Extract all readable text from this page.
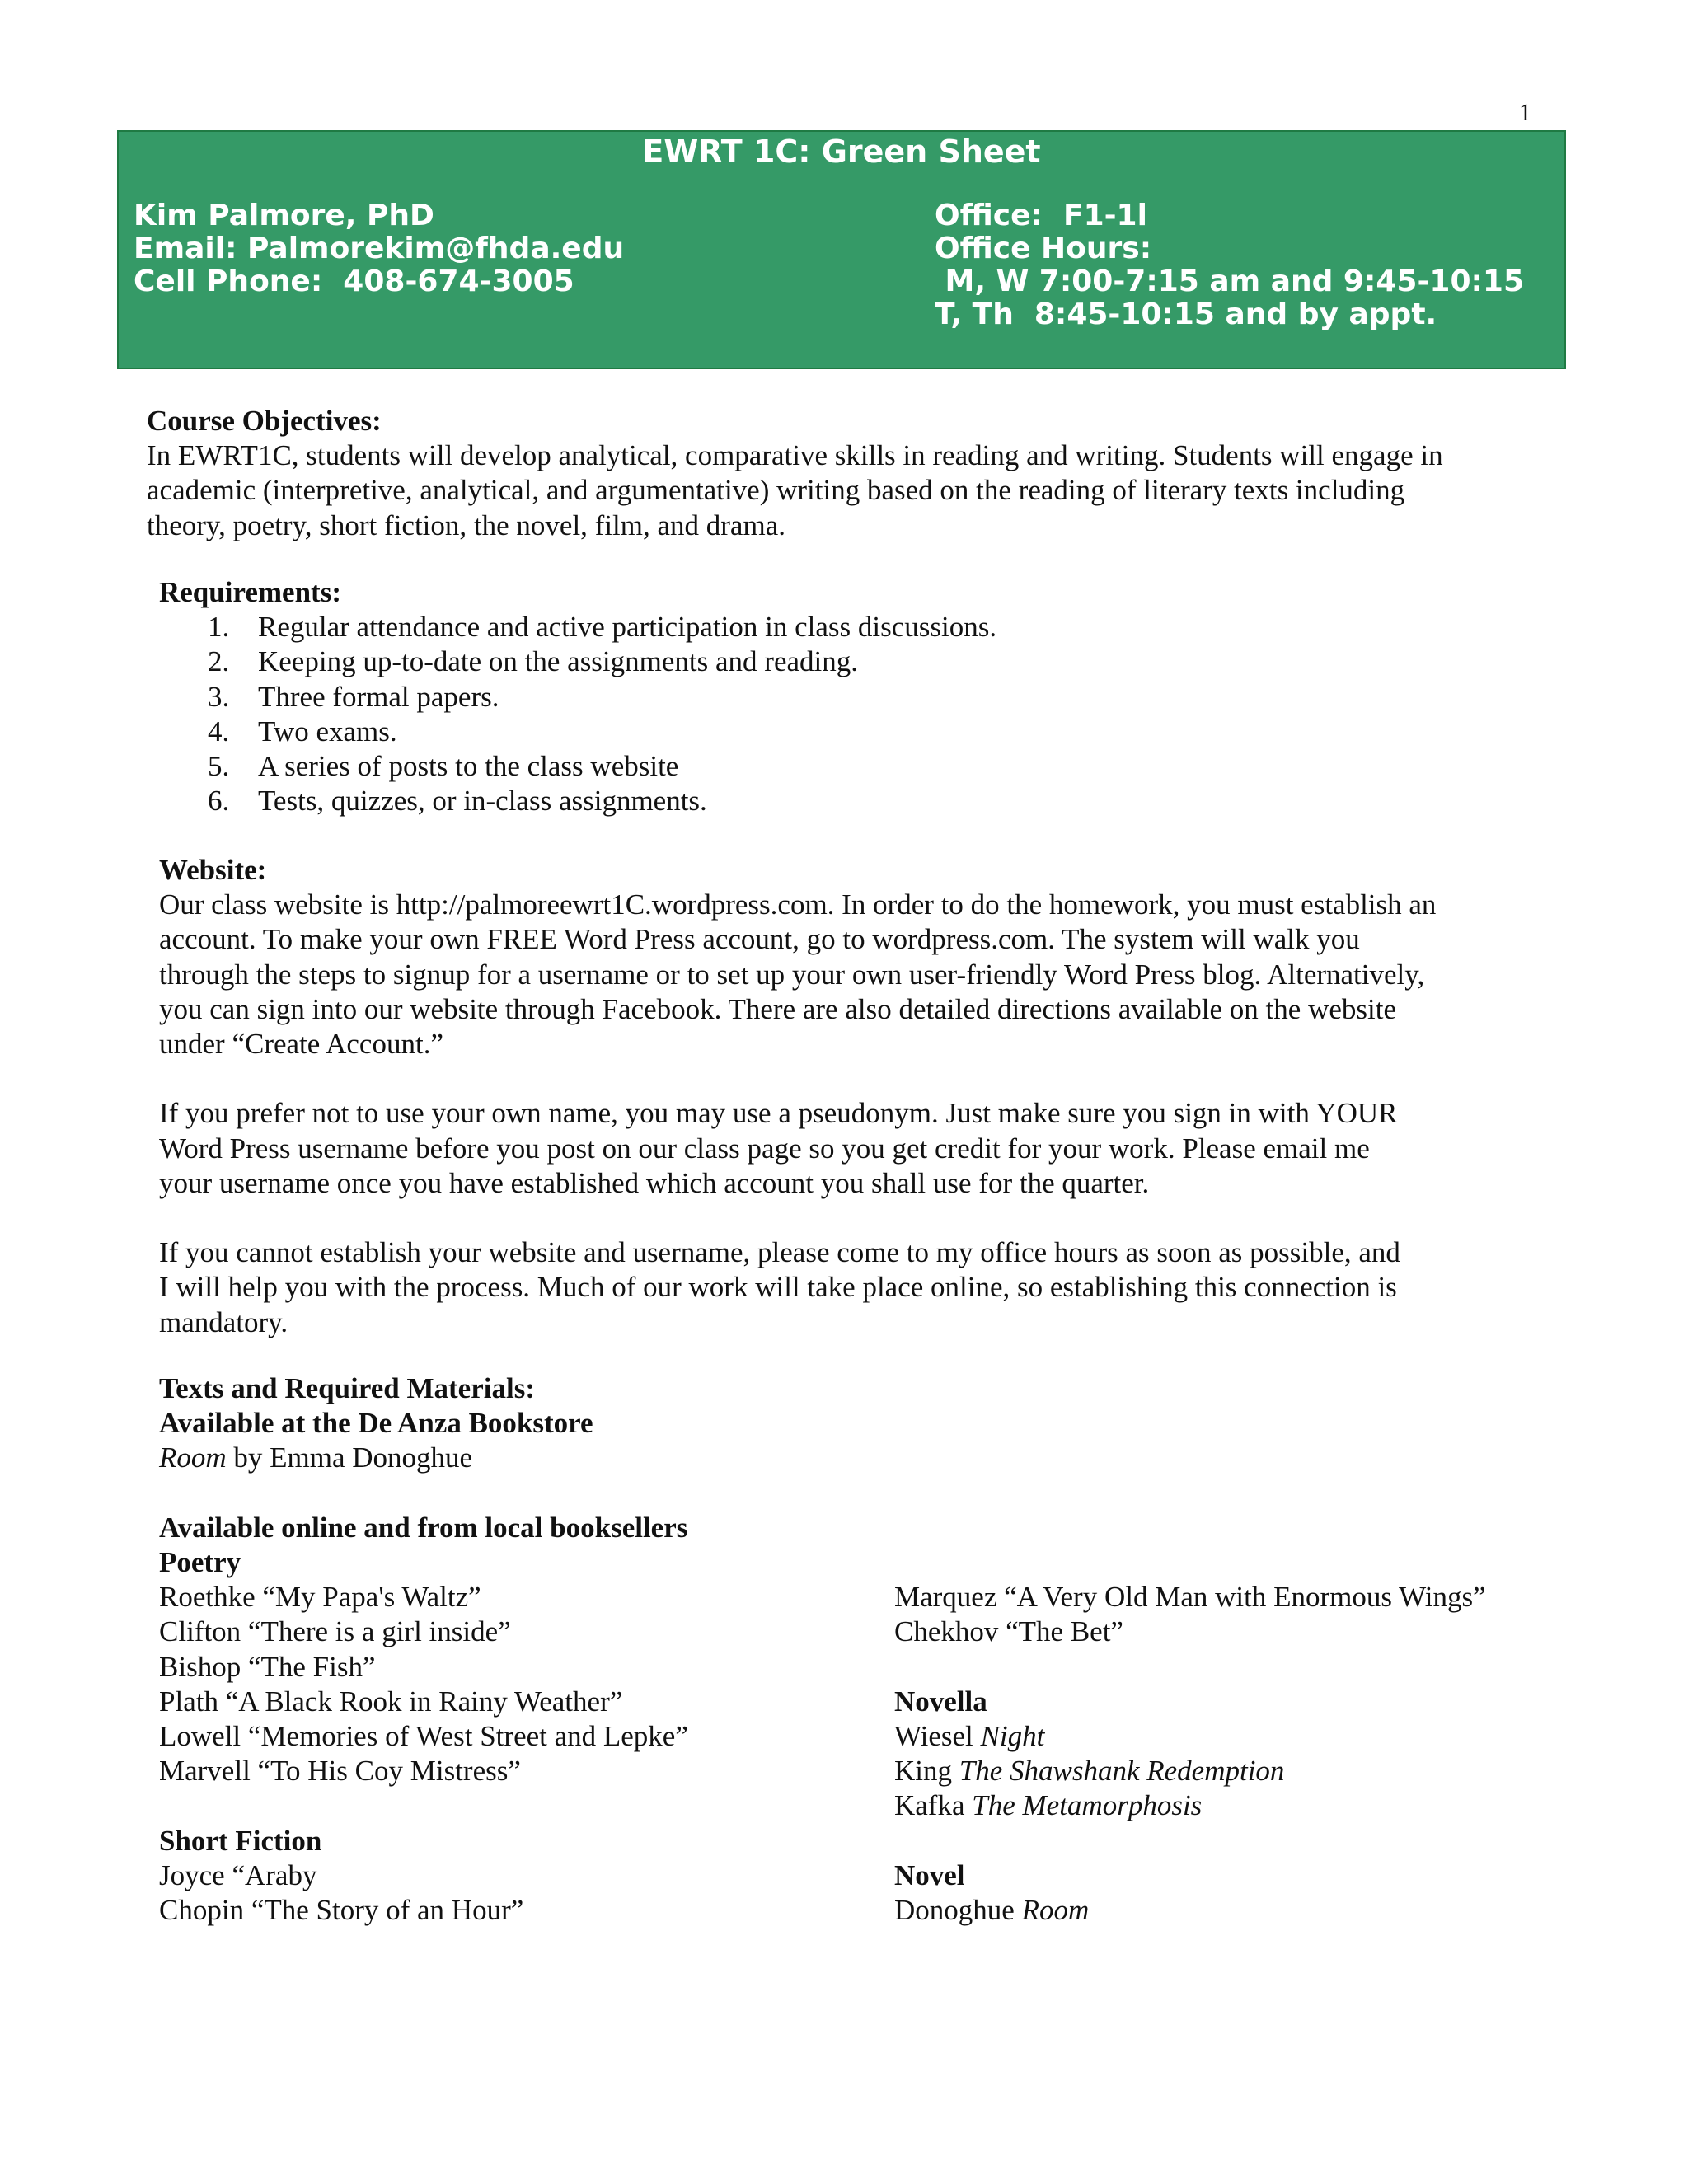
1
EWRT 1C: Green Sheet
Kim Palmore, PhD
Email: Palmorekim@fhda.edu
Cell Phone:  408-674-3005
Office:  F1-1l
Office Hours:
M, W 7:00-7:15 am and 9:45-10:15
T, Th  8:45-10:15 and by appt.
Course Objectives:
In EWRT1C, students will develop analytical, comparative skills in reading and writing. Students will engage in
academic (interpretive, analytical, and argumentative) writing based on the reading of literary texts including
theory, poetry, short fiction, the novel, film, and drama.
Requirements:
1. Regular attendance and active participation in class discussions.
2. Keeping up-to-date on the assignments and reading.
3. Three formal papers.
4. Two exams.
5. A series of posts to the class website
6. Tests, quizzes, or in-class assignments.
Website:
Our class website is http://palmoreewrt1C.wordpress.com. In order to do the homework, you must establish an
account. To make your own FREE Word Press account, go to wordpress.com. The system will walk you
through the steps to signup for a username or to set up your own user-friendly Word Press blog. Alternatively,
you can sign into our website through Facebook. There are also detailed directions available on the website
under “Create Account.”
If you prefer not to use your own name, you may use a pseudonym. Just make sure you sign in with YOUR
Word Press username before you post on our class page so you get credit for your work. Please email me
your username once you have established which account you shall use for the quarter.
If you cannot establish your website and username, please come to my office hours as soon as possible, and
I will help you with the process. Much of our work will take place online, so establishing this connection is
mandatory.
Texts and Required Materials:
Available at the De Anza Bookstore
Room by Emma Donoghue
Available online and from local booksellers
Poetry
Roethke “My Papa's Waltz”
Clifton “There is a girl inside”
Bishop “The Fish”
Plath “A Black Rook in Rainy Weather”
Lowell “Memories of West Street and Lepke”
Marvell “To His Coy Mistress”
Short Fiction
Joyce “Araby
Chopin “The Story of an Hour”
Marquez “A Very Old Man with Enormous Wings”
Chekhov “The Bet”
Novella
Wiesel Night
King The Shawshank Redemption
Kafka The Metamorphosis
Novel
Donoghue Room
